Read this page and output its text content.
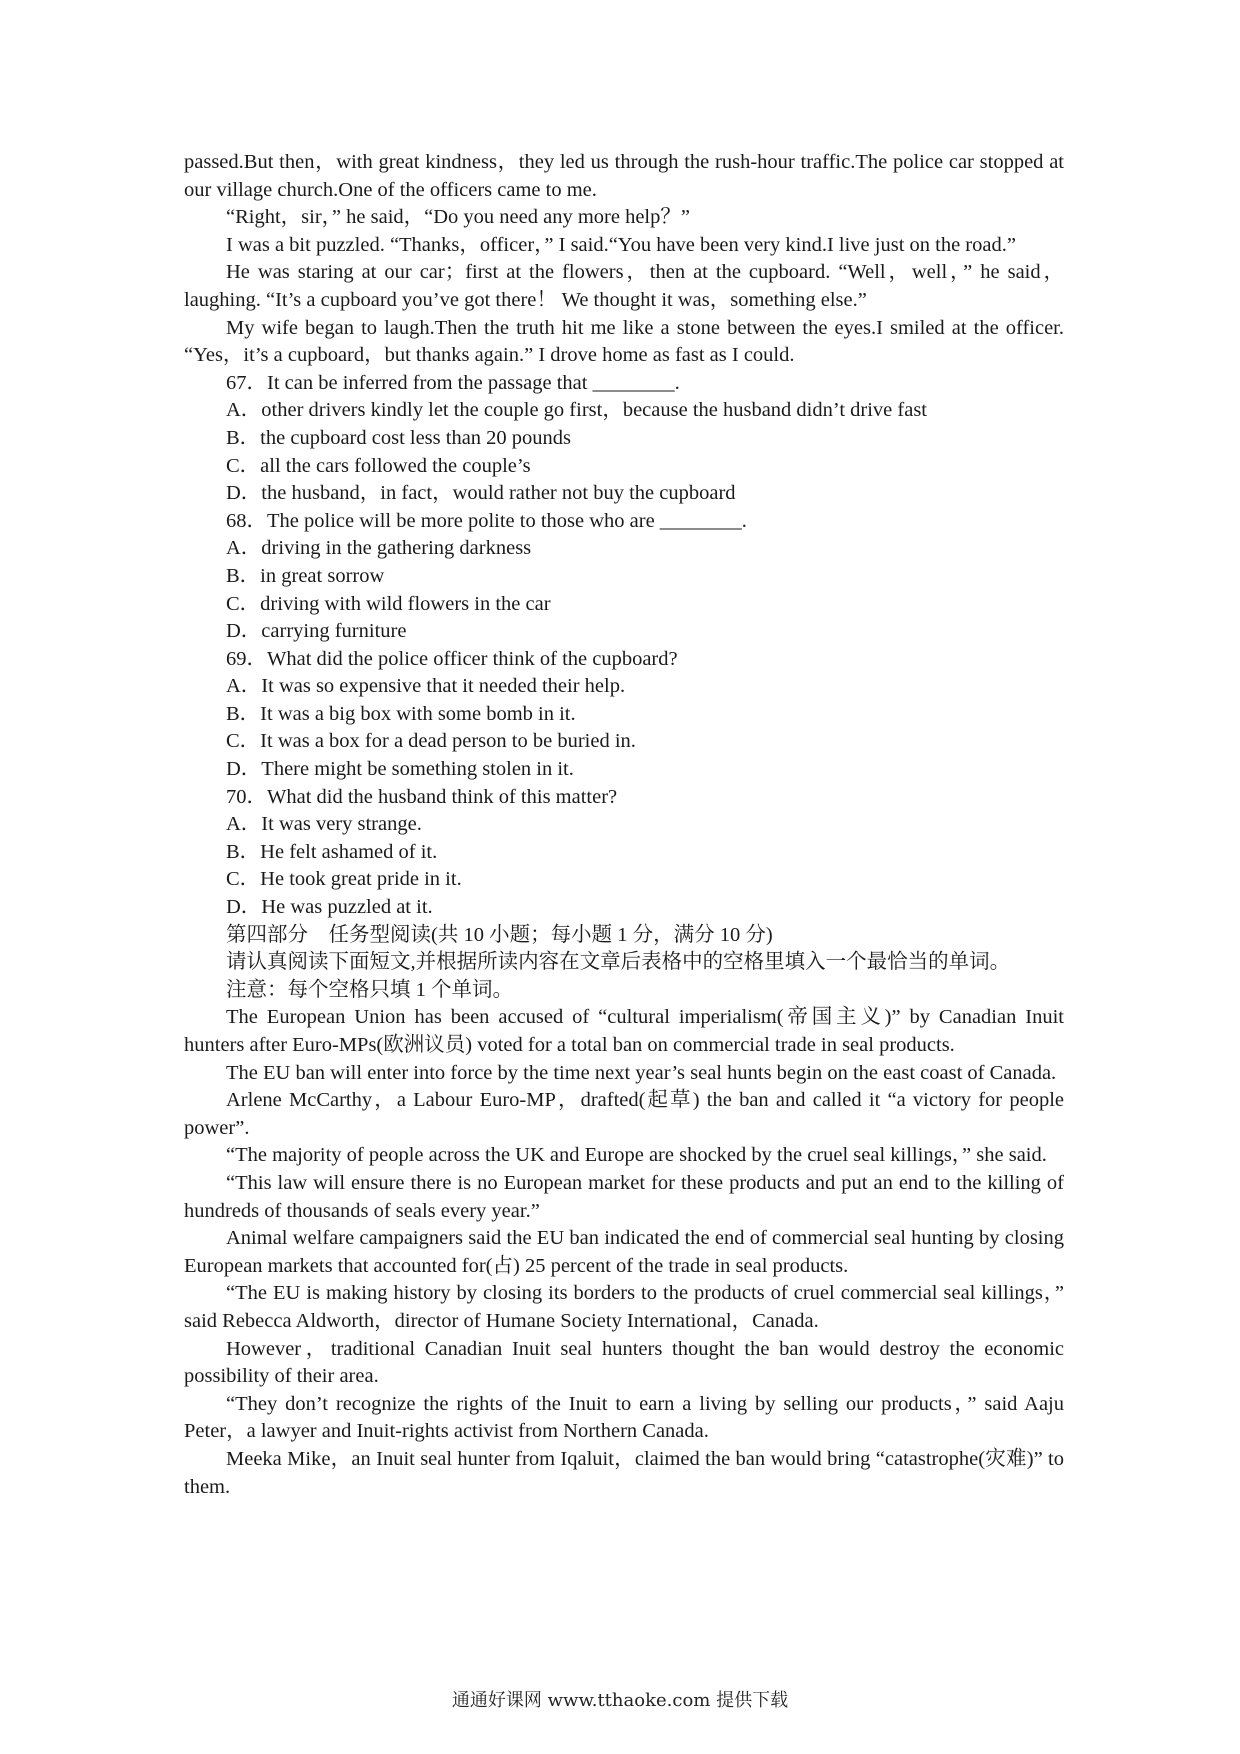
passed.But then，with great kindness，they led us through the rush-hour traffic.The police car stopped at our village church.One of the officers came to me.

“Right，sir，” he said，“Do you need any more help？”

I was a bit puzzled. “Thanks，officer，” I said.“You have been very kind.I live just on the road.”

He was staring at our car；first at the flowers，then at the cupboard. “Well，well，” he said，laughing. “It’s a cupboard you’ve got there！ We thought it was，something else.”

My wife began to laugh.Then the truth hit me like a stone between the eyes.I smiled at the officer. “Yes，it’s a cupboard，but thanks again.” I drove home as fast as I could.

67．It can be inferred from the passage that ________.

A．other drivers kindly let the couple go first，because the husband didn’t drive fast

B．the cupboard cost less than 20 pounds

C．all the cars followed the couple’s

D．the husband，in fact，would rather not buy the cupboard

68．The police will be more polite to those who are ________.

A．driving in the gathering darkness

B．in great sorrow

C．driving with wild flowers in the car

D．carrying furniture

69．What did the police officer think of the cupboard?

A．It was so expensive that it needed their help.

B．It was a big box with some bomb in it.

C．It was a box for a dead person to be buried in.

D．There might be something stolen in it.

70．What did the husband think of this matter?

A．It was very strange.

B．He felt ashamed of it.

C．He took great pride in it.

D．He was puzzled at it.

第四部分　任务型阅读(共 10 小题；每小题 1 分，满分 10 分)

请认真阅读下面短文,并根据所读内容在文章后表格中的空格里填入一个最恰当的单词。

注意：每个空格只填 1 个单词。

The European Union has been accused of “cultural imperialism(帝国主义)” by Canadian Inuit hunters after Euro-MPs(欧洲议员) voted for a total ban on commercial trade in seal products.

The EU ban will enter into force by the time next year’s seal hunts begin on the east coast of Canada.

Arlene McCarthy，a Labour Euro-MP，drafted(起草) the ban and called it “a victory for people power”.

“The majority of people across the UK and Europe are shocked by the cruel seal killings，” she said.

“This law will ensure there is no European market for these products and put an end to the killing of hundreds of thousands of seals every year.”

Animal welfare campaigners said the EU ban indicated the end of commercial seal hunting by closing European markets that accounted for(占) 25 percent of the trade in seal products.

“The EU is making history by closing its borders to the products of cruel commercial seal killings，” said Rebecca Aldworth，director of Humane Society International，Canada.

However，traditional Canadian Inuit seal hunters thought the ban would destroy the economic possibility of their area.

“They don’t recognize the rights of the Inuit to earn a living by selling our products，” said Aaju Peter，a lawyer and Inuit-rights activist from Northern Canada.

Meeka Mike，an Inuit seal hunter from Iqaluit，claimed the ban would bring “catastrophe(灾难)” to them.

通通好课网 www.tthaoke.com 提供下载
